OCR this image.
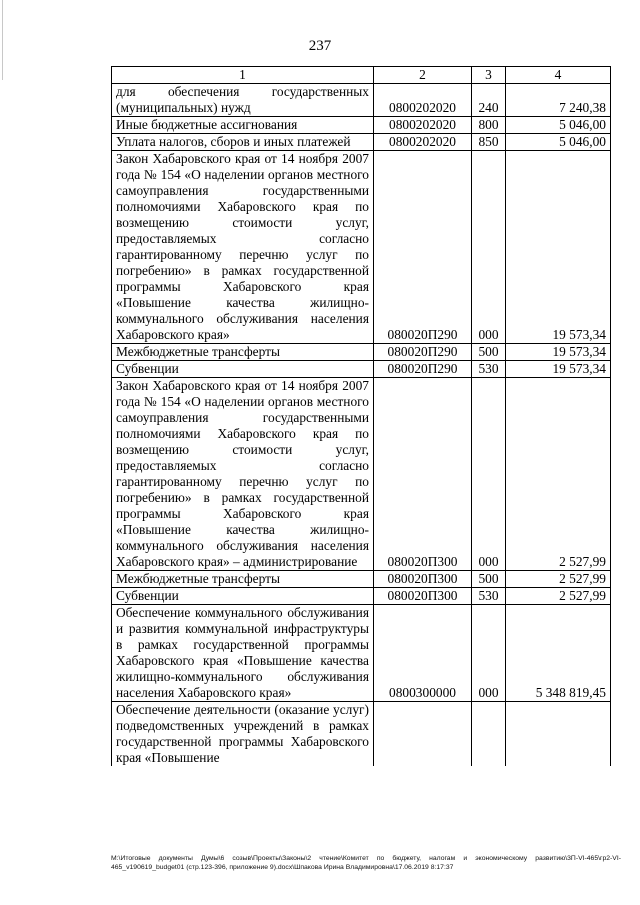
237
1	2	3	4
для обеспечения государственных (муниципальных) нужд	0800202020	240	7 240,38
Иные бюджетные ассигнования	0800202020	800	5 046,00
Уплата налогов, сборов и иных платежей	0800202020	850	5 046,00
Закон Хабаровского края от 14 ноября 2007 года № 154 «О наделении органов местного самоуправления государственными полномочиями Хабаровского края по возмещению стоимости услуг, предоставляемых согласно гарантированному перечню услуг по погребению» в рамках государственной программы Хабаровского края «Повышение качества жилищно-коммунального обслуживания населения Хабаровского края»	080020П290	000	19 573,34
Межбюджетные трансферты	080020П290	500	19 573,34
Субвенции	080020П290	530	19 573,34
Закон Хабаровского края от 14 ноября 2007 года № 154 «О наделении органов местного самоуправления государственными полномочиями Хабаровского края по возмещению стоимости услуг, предоставляемых согласно гарантированному перечню услуг по погребению» в рамках государственной программы Хабаровского края «Повышение качества жилищно-коммунального обслуживания населения Хабаровского края» – администрирование	080020П300	000	2 527,99
Межбюджетные трансферты	080020П300	500	2 527,99
Субвенции	080020П300	530	2 527,99
Обеспечение коммунального обслуживания и развития коммунальной инфраструктуры в рамках государственной программы Хабаровского края «Повышение качества жилищно-коммунального обслуживания населения Хабаровского края»	0800300000	000	5 348 819,45
Обеспечение деятельности (оказание услуг) подведомственных учреждений в рамках государственной программы Хабаровского края «Повышение			
M:\Итоговые документы Думы\6 созыв\Проекты\Законы\2 чтение\Комитет по бюджету, налогам и экономическому развитию\3П-VI-465\гр2-VI-465_v190619_budget01 (стр.123-396, приложение 9).docx\Шпакова Ирина Владимировна\17.06.2019 8:17:37
